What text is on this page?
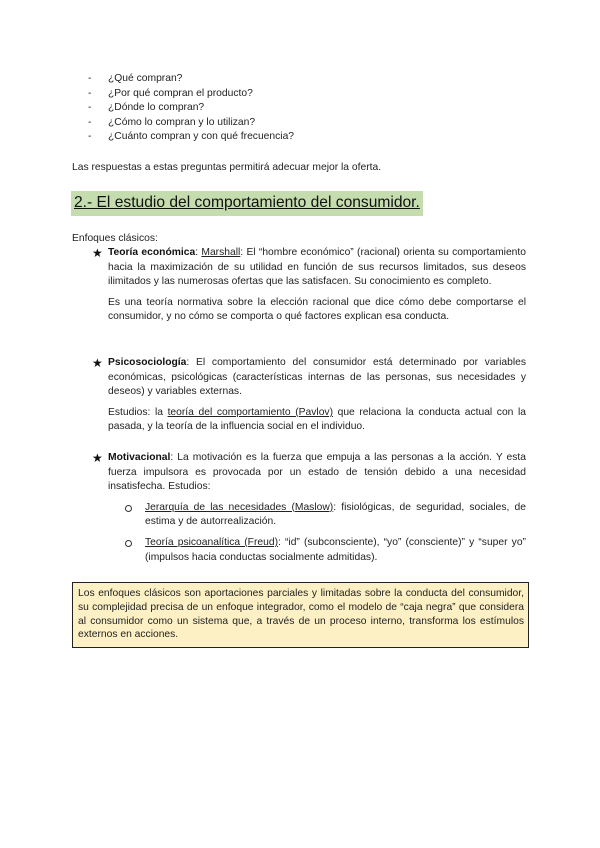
- ¿Qué compran?
- ¿Por qué compran el producto?
- ¿Dónde lo compran?
- ¿Cómo lo compran y lo utilizan?
- ¿Cuánto compran y con qué frecuencia?
Las respuestas a estas preguntas permitirá adecuar mejor la oferta.
2.- El estudio del comportamiento del consumidor.
Enfoques clásicos:
★ Teoría económica: Marshall: El “hombre económico” (racional) orienta su comportamiento hacia la maximización de su utilidad en función de sus recursos limitados, sus deseos ilimitados y las numerosas ofertas que las satisfacen. Su conocimiento es completo.

Es una teoría normativa sobre la elección racional que dice cómo debe comportarse el consumidor, y no cómo se comporta o qué factores explican esa conducta.

★ Psicosociología: El comportamiento del consumidor está determinado por variables económicas, psicológicas (características internas de las personas, sus necesidades y deseos) y variables externas.

Estudios: la teoría del comportamiento (Pavlov) que relaciona la conducta actual con la pasada, y la teoría de la influencia social en el individuo.

★ Motivacional: La motivación es la fuerza que empuja a las personas a la acción. Y esta fuerza impulsora es provocada por un estado de tensión debido a una necesidad insatisfecha. Estudios:

Jerarquía de las necesidades (Maslow): fisiológicas, de seguridad, sociales, de estima y de autorrealización.
Teoría psicoanalítica (Freud): “id” (subconsciente), “yo” (consciente)” y “super yo” (impulsos hacia conductas socialmente admitidas).
Los enfoques clásicos son aportaciones parciales y limitadas sobre la conducta del consumidor, su complejidad precisa de un enfoque integrador, como el modelo de “caja negra” que considera al consumidor como un sistema que, a través de un proceso interno, transforma los estímulos externos en acciones.
